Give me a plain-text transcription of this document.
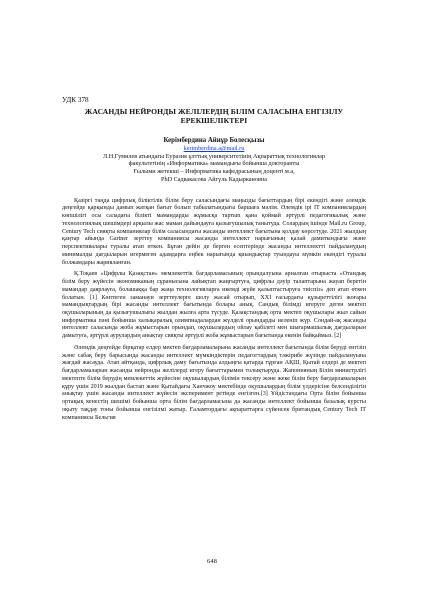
УДК 378
ЖАСАНДЫ НЕЙРОНДЫ ЖЕЛІЛЕРДІҢ БІЛІМ САЛАСЫНА ЕНГІЗІЛУ
ЕРЕКШЕЛІКТЕРІ
Керімбердина Айнұр Болесқызы
kerimberdina.a@mail.ru
Л.Н.Гумилев атындағы Еуразия ұлттық университетінің Ақпараттық технологиялар
факультетінің «Информатика» мамандығы бойынша докторанты
Ғылыми жетекші – Информатика кафедрасының доценті м.а,
PhD Садвакасова Айгүль Кадыркановна

Қазіргі таңда цифрлық біліктілік білім беру саласындағы маңызды бағыттардың бірі екендігі және әлемдік деңгейде қарқынды дамып жатқан бағыт болып табылатындығы баршаға мәлім. Әлемдік ірі IT компаниялардың көпшілігі осы саладағы білікті мамандарды жұмысқа тартып қана қоймай әртүрлі педагогикалық және технологиялық шешімдері арқылы жас маман дайындауға қызығушылық танытуда. Солардың ішінде Mail.ru Group, Century Tech сияқты компаниялар білім саласындағы жасанды интеллект бағытына қолдау көрсетуде. 2021 жылдың қаңтар айында Gartner зерттеу компаниясы жасанды интеллект нарығының қалай дамитындығы және перспективалары туралы атап өткен. Бұған дейін де берген есептерінде жасанды интеллектті пайдаланудың минималды дағдыларын игермеген адамдарға еңбек нарығында қиындықтар туындауы мүмкін екендігі туралы болжамдары жарияланған.

Қ.Тоқаев «Цифрлы Қазақстан» мемлекеттік бағдарламасының орындалуына арналған отырыста «Отандық білім беру жүйесін экономиканың сұранысына лайықтап жаңғыртуға, цифрлы дәуір талаптарына жауап беретін мамандар даярлауға, болашаққа бар жаңа технологияларға икемді жүйе қалыптастыруға тиіспіз» деп атап өткен болатын. [1] Көптеген заманауи зерттеулерге шолу жасай отырып, XXI ғасырдағы құзыреттілігі жоғары мамандықтардың бірі жасанды интеллект бағытында болары анық. Сандық білімді игеруге деген мектеп оқушыларының да қызығушылығы жылдан жылға арта түсуде. Қазақстандық орта мектеп оқушылары жыл сайын информатика пәні бойынша халықаралық олимпиадалардан жүлделі орындарды иеленіп жүр. Сондай-ақ жасанды интеллект саласында жоба жұмыстарын орындап, оқушылардың ойлау қабілеті мен шығармашылық дағдыларын дамытуға, әртүрлі аурулардың анықтау сияқты әртүрлі жоба жұмыстарын бағытында екенін байқаймыз. [2]

Әлемдік деңгейде бірқатар елдер мектеп бағдарламаларына жасанды интеллект бағытында білім беруді енгізіп және сабақ беру барысында жасанды интеллект мүмкіндіктерін педагогтардың тәжірибе жүзінде пайдалануына жағдай жасауда. Атап айтқанда, цифрлық даму бағытында алдыңғы қатарда тұрған АҚШ, Қытай елдері де мектеп бағдарламаларын жасанды нейронды желілерді игеру бағыттарымен толықтыруда. Жапонияның Білім министрлігі мектепте білім берудің мемлекеттік жүйесіне оқушылардың білімін тексеру және жеке білім беру бағдарламаларын құру үшін 2019 жылдан бастап және Қытайдағы Ханчжоу мектебінде оқушылардың білім үлдерісіне белсенділігін анықтау үшін жасанды интеллект жүйесін эксперимент ретінде енгізген.[3] Ұйдістандағы Орта білім бойынша ортақық кенестің шешімі бойынша орта білім бағдарламасына да жасанды интеллект бойынша базалық курсты оқыту тақдау тоны бойынша енгізілмі жатыр. Ғаламтордағы ақпараттарға сүйенсек британдық Century Tech IT компаниясы Бельгия

648
